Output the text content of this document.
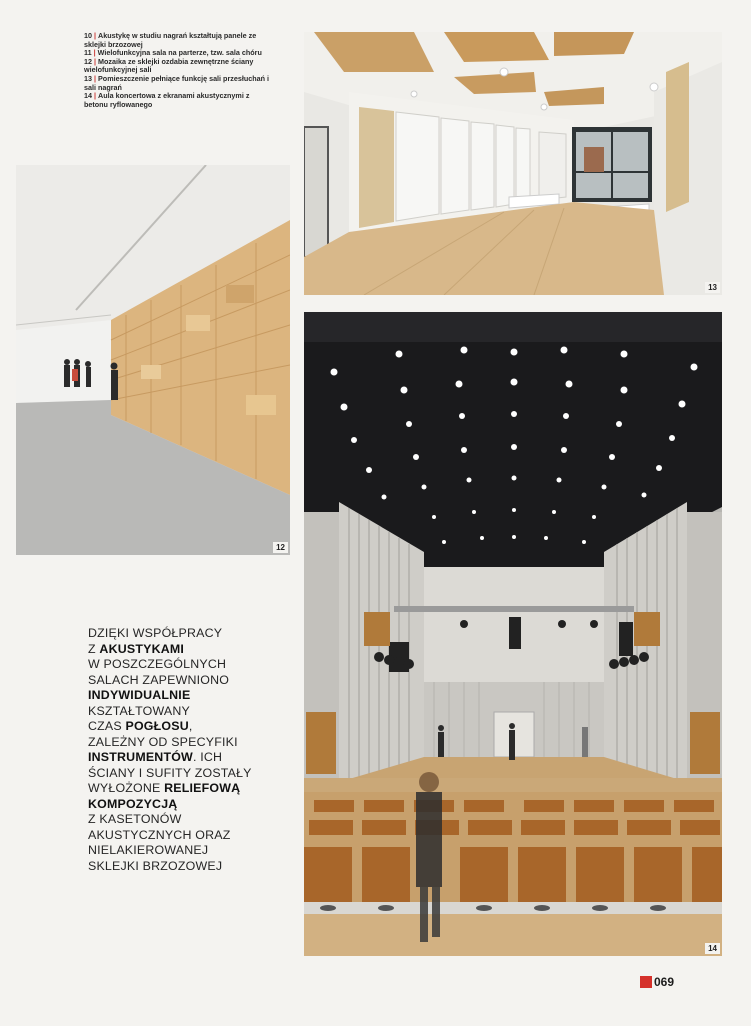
10 | Akustykę w studiu nagrań kształtują panele ze sklejki brzozowej
11 | Wielofunkcyjna sala na parterze, tzw. sala chóru
12 | Mozaika ze sklejki ozdabia zewnętrzne ściany wielofunkcyjnej sali
13 | Pomieszczenie pełniące funkcję sali przesłuchań i sali nagrań
14 | Aula koncertowa z ekranami akustycznymi z betonu ryflowanego
13
12
14
DZIĘKI WSPÓŁPRACY
Z AKUSTYKAMI
W POSZCZEGÓLNYCH
SALACH ZAPEWNIONO
INDYWIDUALNIE
KSZTAŁTOWANY
CZAS POGŁOSU,
ZALEŻNY OD SPECYFIKI
INSTRUMENTÓW. ICH
ŚCIANY I SUFITY ZOSTAŁY
WYŁOŻONE RELIEFOWĄ
KOMPOZYCJĄ
Z KASETONÓW
AKUSTYCZNYCH ORAZ
NIELAKIEROWANEJ
SKLEJKI BRZOZOWEJ
069
